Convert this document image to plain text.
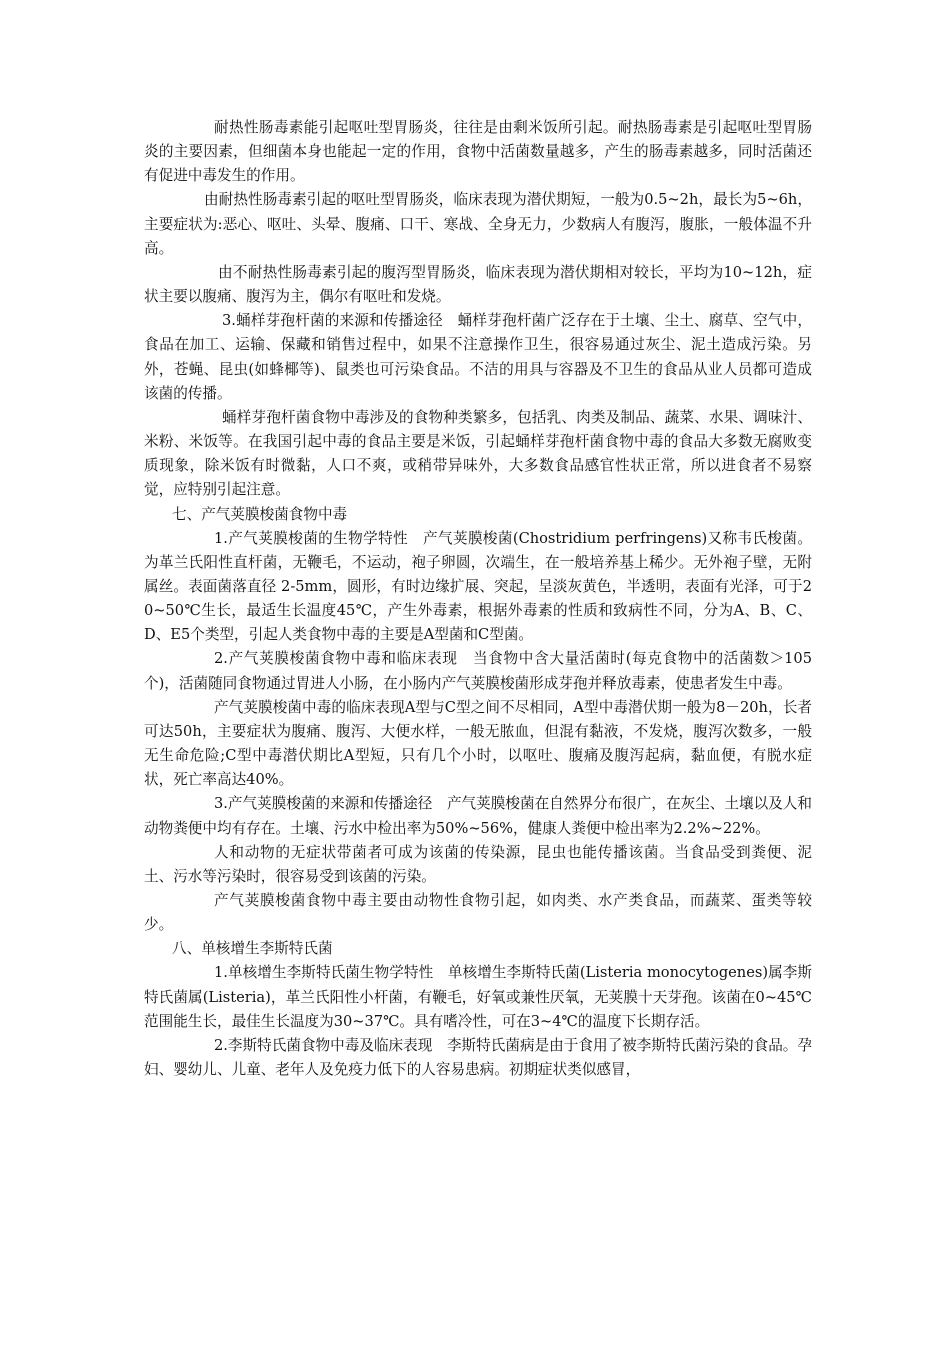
耐热性肠毒素能引起呕吐型胃肠炎，往往是由剩米饭所引起。耐热肠毒素是引起呕吐型胃肠炎的主要因素，但细菌本身也能起一定的作用，食物中活菌数量越多，产生的肠毒素越多，同时活菌还有促进中毒发生的作用。

由耐热性肠毒素引起的呕吐型胃肠炎，临床表现为潜伏期短，一般为0.5~2h，最长为5~6h，主要症状为:恶心、呕吐、头晕、腹痛、口干、寒战、全身无力，少数病人有腹泻，腹胀，一般体温不升高。

由不耐热性肠毒素引起的腹泻型胃肠炎，临床表现为潜伏期相对较长，平均为10~12h，症状主要以腹痛、腹泻为主，偶尔有呕吐和发烧。

3.蛹样芽孢杆菌的来源和传播途径　蛹样芽孢杆菌广泛存在于土壤、尘土、腐草、空气中，食品在加工、运输、保藏和销售过程中，如果不注意操作卫生，很容易通过灰尘、泥土造成污染。另外，苍蝇、昆虫(如蜂椰等)、鼠类也可污染食品。不洁的用具与容器及不卫生的食品从业人员都可造成该菌的传播。

蛹样芽孢杆菌食物中毒涉及的食物种类繁多，包括乳、肉类及制品、蔬菜、水果、调味汁、米粉、米饭等。在我国引起中毒的食品主要是米饭，引起蛹样芽孢杆菌食物中毒的食品大多数无腐败变质现象，除米饭有时微黏，人口不爽，或稍带异味外，大多数食品感官性状正常，所以进食者不易察觉，应特别引起注意。

七、产气荚膜梭菌食物中毒

1.产气荚膜梭菌的生物学特性　产气荚膜梭菌(Chostridium perfringens)又称韦氏梭菌。为革兰氏阳性直杆菌，无鞭毛，不运动，袍子卵圆，次端生，在一般培养基上稀少。无外袍子壁，无附属丝。表面菌落直径 2-5mm，圆形，有时边缘扩展、突起，呈淡灰黄色，半透明，表面有光泽，可于20~50℃生长，最适生长温度45℃，产生外毒素，根据外毒素的性质和致病性不同，分为A、B、C、D、E5个类型，引起人类食物中毒的主要是A型菌和C型菌。

2.产气荚膜梭菌食物中毒和临床表现　当食物中含大量活菌时(每克食物中的活菌数＞105个)，活菌随同食物通过胃进人小肠，在小肠内产气荚膜梭菌形成芽孢并释放毒素，使患者发生中毒。

产气荚膜梭菌中毒的临床表现A型与C型之间不尽相同，A型中毒潜伏期一般为8－20h，长者可达50h，主要症状为腹痛、腹泻、大便水样，一般无脓血，但混有黏液，不发烧，腹泻次数多，一般无生命危险;C型中毒潜伏期比A型短，只有几个小时，以呕吐、腹痛及腹泻起病，黏血便，有脱水症状，死亡率高达40%。

3.产气荚膜梭菌的来源和传播途径　产气荚膜梭菌在自然界分布很广，在灰尘、土壤以及人和动物粪便中均有存在。土壤、污水中检出率为50%~56%，健康人粪便中检出率为2.2%~22%。

人和动物的无症状带菌者可成为该菌的传染源，昆虫也能传播该菌。当食品受到粪便、泥土、污水等污染时，很容易受到该菌的污染。

产气荚膜梭菌食物中毒主要由动物性食物引起，如肉类、水产类食品，而蔬菜、蛋类等较少。

八、单核增生李斯特氏菌

1.单核增生李斯特氏菌生物学特性　单核增生李斯特氏菌(Listeria monocytogenes)属李斯特氏菌属(Listeria)，革兰氏阳性小杆菌，有鞭毛，好氧或兼性厌氧，无荚膜十天芽孢。该菌在0~45℃范围能生长，最佳生长温度为30~37℃。具有嗜冷性，可在3~4℃的温度下长期存活。

2.李斯特氏菌食物中毒及临床表现　李斯特氏菌病是由于食用了被李斯特氏菌污染的食品。孕妇、婴幼儿、儿童、老年人及免疫力低下的人容易患病。初期症状类似感冒，
